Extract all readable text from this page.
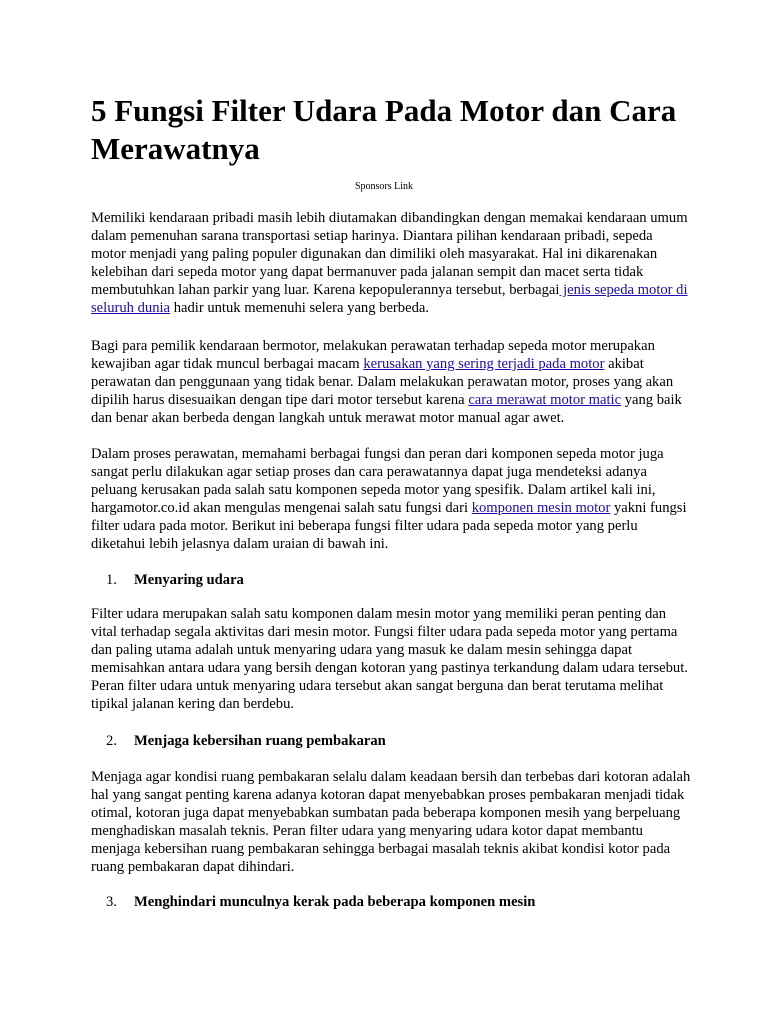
5 Fungsi Filter Udara Pada Motor dan Cara Merawatnya
Sponsors Link

Memiliki kendaraan pribadi masih lebih diutamakan dibandingkan dengan memakai kendaraan umum dalam pemenuhan sarana transportasi setiap harinya. Diantara pilihan kendaraan pribadi, sepeda motor menjadi yang paling populer digunakan dan dimiliki oleh masyarakat. Hal ini dikarenakan kelebihan dari sepeda motor yang dapat bermanuver pada jalanan sempit dan macet serta tidak membutuhkan lahan parkir yang luar. Karena kepopulerannya tersebut, berbagai jenis sepeda motor di seluruh dunia hadir untuk memenuhi selera yang berbeda.

Bagi para pemilik kendaraan bermotor, melakukan perawatan terhadap sepeda motor merupakan kewajiban agar tidak muncul berbagai macam kerusakan yang sering terjadi pada motor akibat perawatan dan penggunaan yang tidak benar. Dalam melakukan perawatan motor, proses yang akan dipilih harus disesuaikan dengan tipe dari motor tersebut karena cara merawat motor matic yang baik dan benar akan berbeda dengan langkah untuk merawat motor manual agar awet.

Dalam proses perawatan, memahami berbagai fungsi dan peran dari komponen sepeda motor juga sangat perlu dilakukan agar setiap proses dan cara perawatannya dapat juga mendeteksi adanya peluang kerusakan pada salah satu komponen sepeda motor yang spesifik. Dalam artikel kali ini, hargamotor.co.id akan mengulas mengenai salah satu fungsi dari komponen mesin motor yakni fungsi filter udara pada motor. Berikut ini beberapa fungsi filter udara pada sepeda motor yang perlu diketahui lebih jelasnya dalam uraian di bawah ini.

1. Menyaring udara

Filter udara merupakan salah satu komponen dalam mesin motor yang memiliki peran penting dan vital terhadap segala aktivitas dari mesin motor. Fungsi filter udara pada sepeda motor yang pertama dan paling utama adalah untuk menyaring udara yang masuk ke dalam mesin sehingga dapat memisahkan antara udara yang bersih dengan kotoran yang pastinya terkandung dalam udara tersebut. Peran filter udara untuk menyaring udara tersebut akan sangat berguna dan berat terutama melihat tipikal jalanan kering dan berdebu.

2. Menjaga kebersihan ruang pembakaran

Menjaga agar kondisi ruang pembakaran selalu dalam keadaan bersih dan terbebas dari kotoran adalah hal yang sangat penting karena adanya kotoran dapat menyebabkan proses pembakaran menjadi tidak otimal, kotoran juga dapat menyebabkan sumbatan pada beberapa komponen mesih yang berpeluang menghadiskan masalah teknis. Peran filter udara yang menyaring udara kotor dapat membantu menjaga kebersihan ruang pembakaran sehingga berbagai masalah teknis akibat kondisi kotor pada ruang pembakaran dapat dihindari.

3. Menghindari munculnya kerak pada beberapa komponen mesin
